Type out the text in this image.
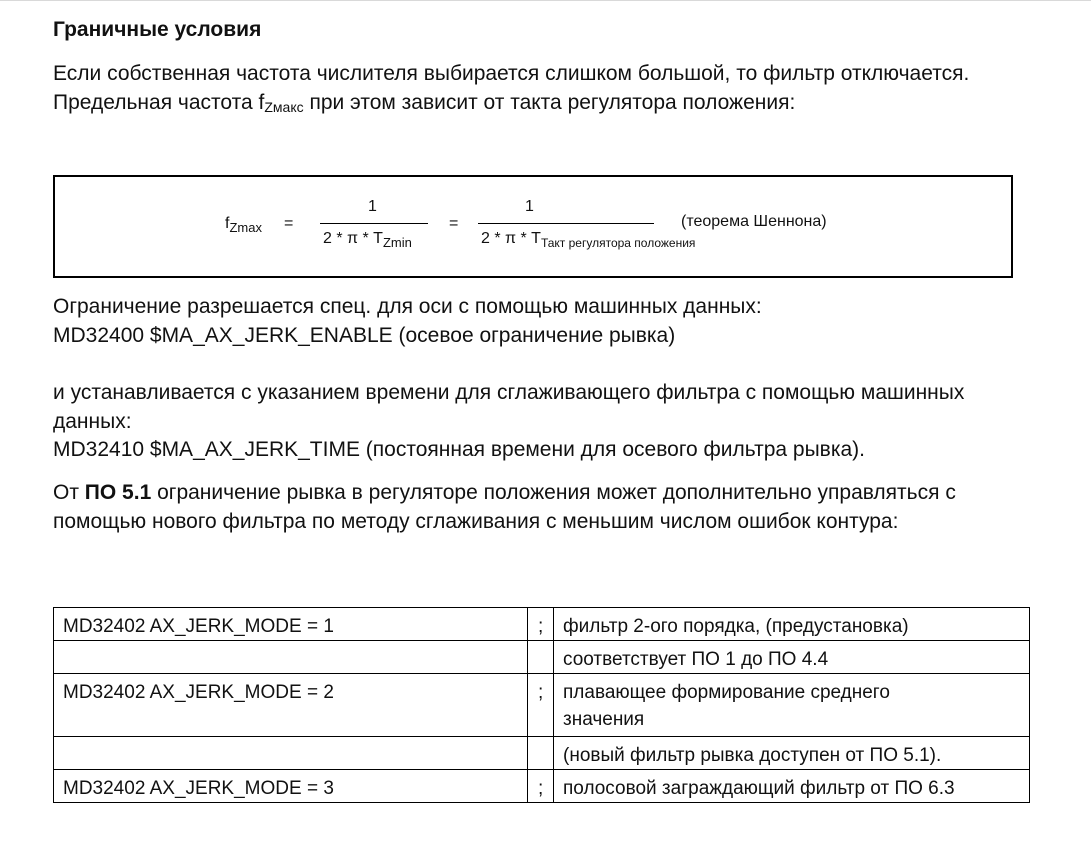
Граничные условия
Если собственная частота числителя выбирается слишком большой, то фильтр отключается. Предельная частота fZмакс при этом зависит от такта регулятора положения:
$f_{Zmax}$ =
1
2 * π * $T_{Zmin}$
=
1
2 * π * $T_{Такт регулятора положения}$
(теорема Шеннона)
Ограничение разрешается спец. для оси с помощью машинных данных:
MD32400 $MA_AX_JERK_ENABLE (осевое ограничение рывка)
и устанавливается с указанием времени для сглаживающего фильтра с помощью машинных данных:
MD32410 $MA_AX_JERK_TIME (постоянная времени для осевого фильтра рывка).
От ПО 5.1 ограничение рывка в регуляторе положения может дополнительно управляться с помощью нового фильтра по методу сглаживания с меньшим числом ошибок контура:
MD32402 AX_JERK_MODE = 1	;	фильтр 2-ого порядка, (предустановка)
		соответствует ПО 1 до ПО 4.4
MD32402 AX_JERK_MODE = 2	;	плавающее формирование среднего значения
		(новый фильтр рывка доступен от ПО 5.1).
MD32402 AX_JERK_MODE = 3	;	полосовой заграждающий фильтр от ПО 6.3
